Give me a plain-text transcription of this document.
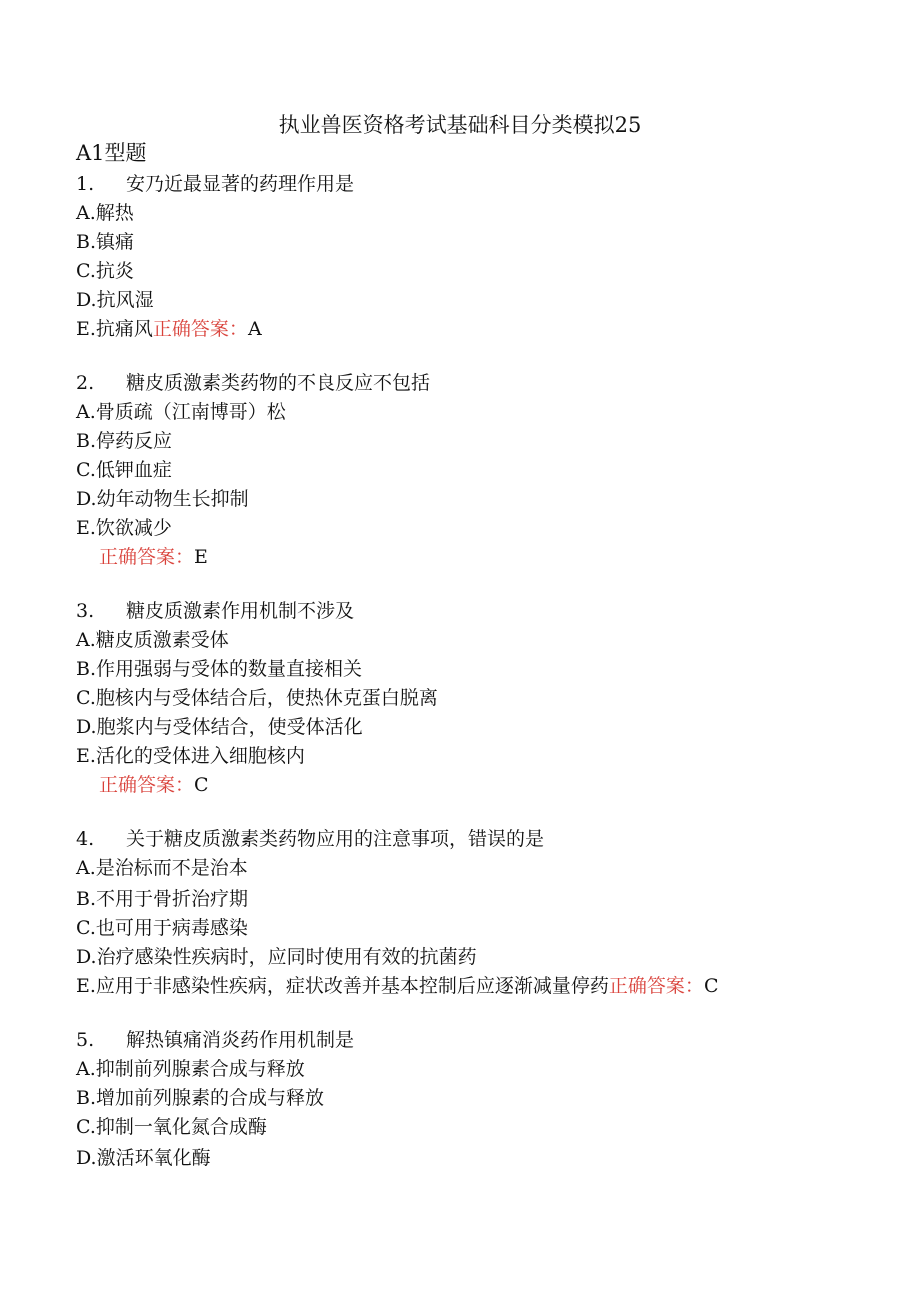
执业兽医资格考试基础科目分类模拟25
A1型题
1. 安乃近最显著的药理作用是
A.解热
B.镇痛
C.抗炎
D.抗风湿
E.抗痛风正确答案：A
2. 糖皮质激素类药物的不良反应不包括
A.骨质疏（江南博哥）松
B.停药反应
C.低钾血症
D.幼年动物生长抑制
E.饮欲减少
正确答案：E
3. 糖皮质激素作用机制不涉及
A.糖皮质激素受体
B.作用强弱与受体的数量直接相关
C.胞核内与受体结合后，使热休克蛋白脱离
D.胞浆内与受体结合，使受体活化
E.活化的受体进入细胞核内
正确答案：C
4. 关于糖皮质激素类药物应用的注意事项，错误的是
A.是治标而不是治本
B.不用于骨折治疗期
C.也可用于病毒感染
D.治疗感染性疾病时，应同时使用有效的抗菌药
E.应用于非感染性疾病，症状改善并基本控制后应逐渐减量停药正确答案：C
5. 解热镇痛消炎药作用机制是
A.抑制前列腺素合成与释放
B.增加前列腺素的合成与释放
C.抑制一氧化氮合成酶
D.激活环氧化酶
